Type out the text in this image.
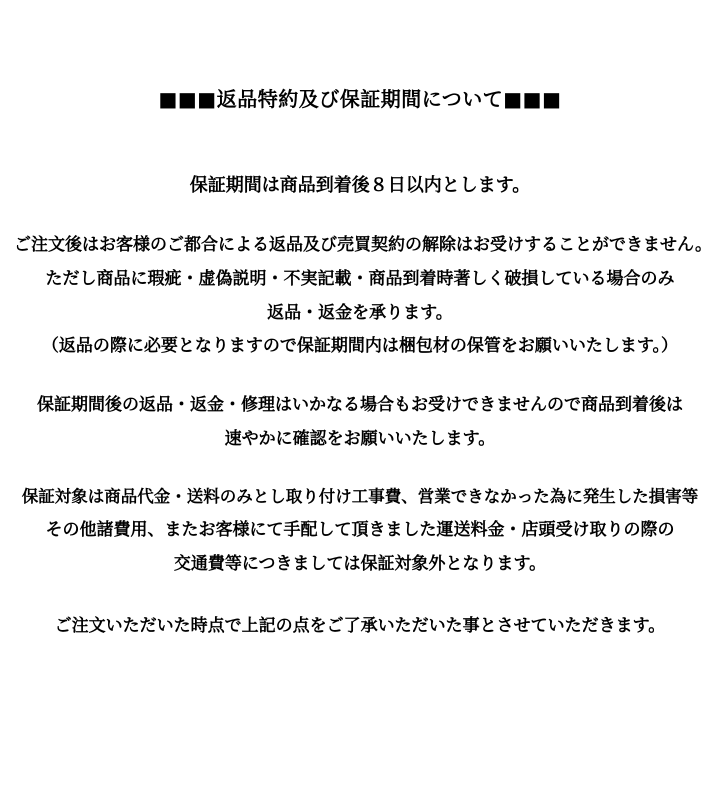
■■■返品特約及び保証期間について■■■
保証期間は商品到着後８日以内とします。

ご注文後はお客様のご都合による返品及び売買契約の解除はお受けすることができません。

ただし商品に瑕疵・虚偽説明・不実記載・商品到着時著しく破損している場合のみ

返品・返金を承ります。

（返品の際に必要となりますので保証期間内は梱包材の保管をお願いいたします。）

保証期間後の返品・返金・修理はいかなる場合もお受けできませんので商品到着後は

速やかに確認をお願いいたします。

保証対象は商品代金・送料のみとし取り付け工事費、営業できなかった為に発生した損害等

その他諸費用、またお客様にて手配して頂きました運送料金・店頭受け取りの際の

交通費等につきましては保証対象外となります。

ご注文いただいた時点で上記の点をご了承いただいた事とさせていただきます。
